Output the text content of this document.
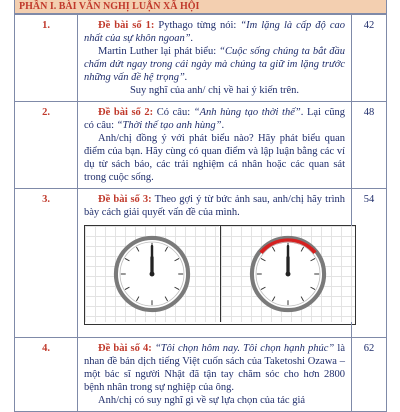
PHẦN I. BÀI VĂN NGHỊ LUẬN XÃ HỘI
1.	Đề bài số 1: Pythago từng nói: “Im lặng là cấp độ cao nhất của sự khôn ngoan”.

Martin Luther lại phát biểu: “Cuộc sống chúng ta bắt đầu chấm dứt ngay trong cái ngày mà chúng ta giữ im lặng trước những vấn đề hệ trọng”.

Suy nghĩ của anh/ chị về hai ý kiến trên.	42
2.	Đề bài số 2: Có câu: “Anh hùng tạo thời thế”. Lại cũng có câu: “Thời thế tạo anh hùng”.

Anh/chị đồng ý với phát biểu nào? Hãy phát biểu quan điểm của bạn. Hãy cùng có quan điểm và lập luận bằng các ví dụ từ sách báo, các trải nghiệm cá nhân hoặc các quan sát trong cuộc sống.	48
3.	Đề bài số 3: Theo gợi ý từ bức ảnh sau, anh/chị hãy trình bày cách giải quyết vấn đề của mình.	54
4.	Đề bài số 4: “Tôi chọn hôm nay. Tôi chọn hạnh phúc” là nhan đề bản dịch tiếng Việt cuốn sách của Taketoshi Ozawa – một bác sĩ người Nhật đã tận tay chăm sóc cho hơn 2800 bệnh nhân trong sự nghiệp của ông.

Anh/chị có suy nghĩ gì về sự lựa chọn của tác giả	62
